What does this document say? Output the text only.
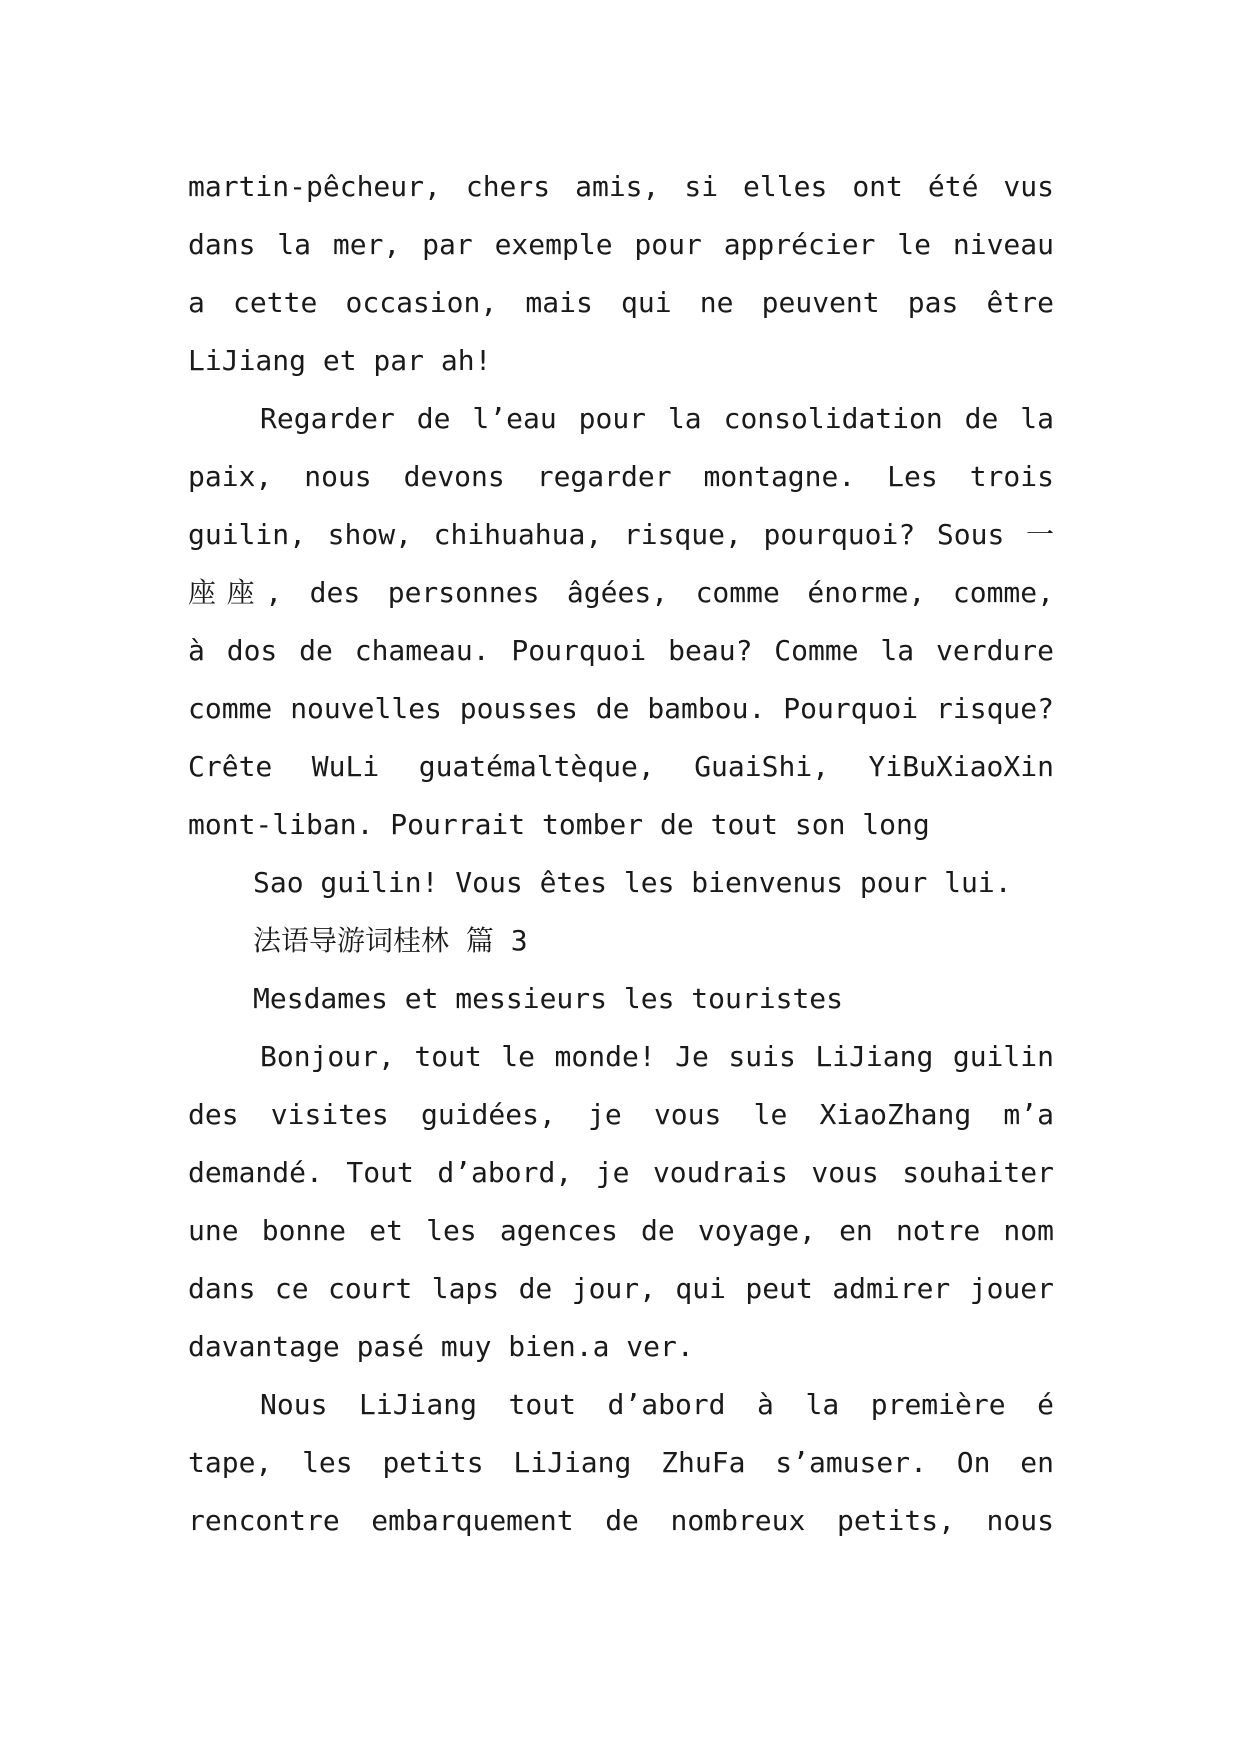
martin-pêcheur, chers amis, si elles ont été vus
dans la mer, par exemple pour apprécier le niveau
a cette occasion, mais qui ne peuvent pas être
LiJiang et par ah!
Regarder de l’eau pour la consolidation de la
paix, nous devons regarder montagne. Les trois
guilin, show, chihuahua, risque, pourquoi? Sous 一
座座, des personnes âgées, comme énorme, comme,
à dos de chameau. Pourquoi beau? Comme la verdure
comme nouvelles pousses de bambou. Pourquoi risque?
Crête WuLi guatémaltèque, GuaiShi, YiBuXiaoXin
mont-liban. Pourrait tomber de tout son long
Sao guilin! Vous êtes les bienvenus pour lui.
法语导游词桂林 篇 3
Mesdames et messieurs les touristes
Bonjour, tout le monde! Je suis LiJiang guilin
des visites guidées, je vous le XiaoZhang m’a
demandé. Tout d’abord, je voudrais vous souhaiter
une bonne et les agences de voyage, en notre nom
dans ce court laps de jour, qui peut admirer jouer
davantage pasé muy bien.a ver.
Nous LiJiang tout d’abord à la première é
tape, les petits LiJiang ZhuFa s’amuser. On en
rencontre embarquement de nombreux petits, nous
